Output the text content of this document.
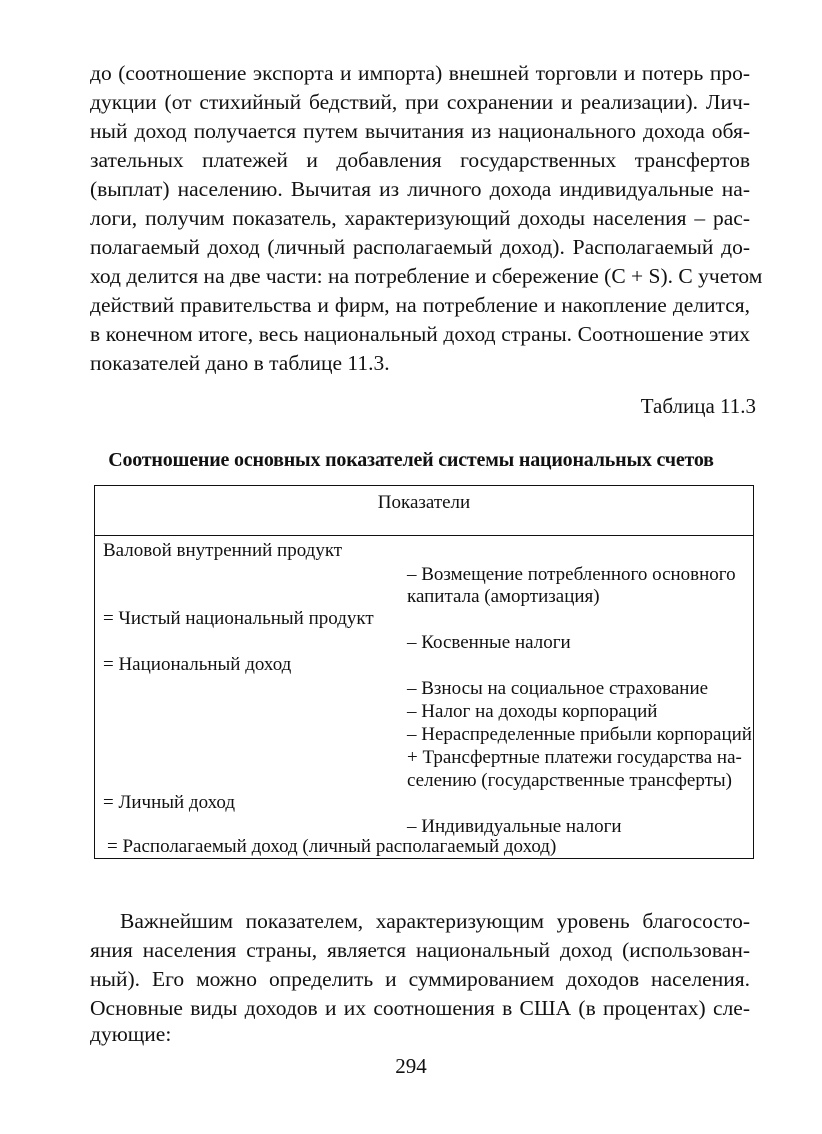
до (соотношение экспорта и импорта) внешней торговли и потерь про-
дукции (от стихийный бедствий, при сохранении и реализации). Лич-
ный доход получается путем вычитания из национального дохода обя-
зательных платежей и добавления государственных трансфертов
(выплат) населению. Вычитая из личного дохода индивидуальные на-
логи, получим показатель, характеризующий доходы населения – рас-
полагаемый доход (личный располагаемый доход). Располагаемый до-
ход делится на две части: на потребление и сбережение (C + S). С учетом
действий правительства и фирм, на потребление и накопление делится,
в конечном итоге, весь национальный доход страны. Соотношение этих
показателей дано в таблице 11.3.
Таблица 11.3
Соотношение основных показателей системы национальных счетов
Показатели
Валовой внутренний продукт
– Возмещение потребленного основного
капитала (амортизация)
= Чистый национальный продукт
– Косвенные налоги
= Национальный доход
– Взносы на социальное страхование
– Налог на доходы корпораций
– Нераспределенные прибыли корпораций
+ Трансфертные платежи государства на-
селению (государственные трансферты)
= Личный доход
– Индивидуальные налоги
= Располагаемый доход (личный располагаемый доход)
Важнейшим показателем, характеризующим уровень благососто-
яния населения страны, является национальный доход (использован-
ный). Его можно определить и суммированием доходов населения.
Основные виды доходов и их соотношения в США (в процентах) сле-
дующие:
294
